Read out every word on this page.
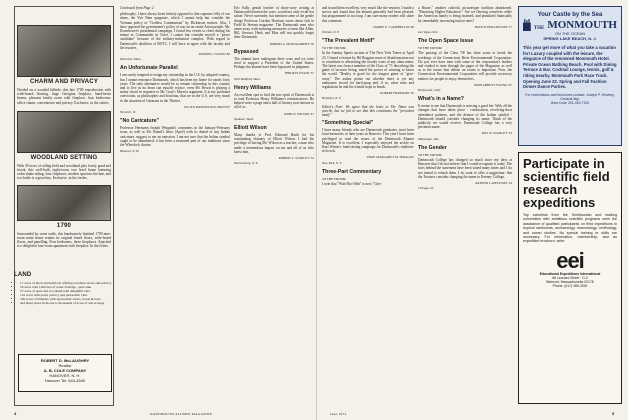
CHARM AND PRIVACY
Nestled on a wooded hillside, this late 1700 reproduction with wide-board flooring, huge Georgian fireplace, hand-hewn beams, pleasant family room with fireplace, four bedrooms, office charm, convenience and privacy. Exclusive, in the sixties.
WOODLAND SETTING
With 39 acres of rolling field and woodland plus lovely pond and brook, this well-built, eight-room, two level home featuring cedar shake siding, four fireplaces, modern spacious kitchen, and two baths is a great buy. Exclusive, in the forties.
1790
Surrounded by stone walls, this handsomely finished 1790 nine-room main house retains its original board floors, wide-board floors, and panelling. Four bedrooms, three fireplaces. Attached is a delightful four-room apartment with fireplace. In the fifties.
LAND
• 17 acres of birch and hemlock offering excellent views and privacy
• 50 acres with 1400 feet of water frontage - pure lake
• 37 acres of open and woodland with delightful view
• 122 acres with pond, privacy and panoramic view
• 350 acres of hillsides with spectacular views, brook & barn
• and many more from one to thousands of acres of cell acreage
ROBERT D. McLAUGHRY
Realtor
A. B. COLE COMPANY
HANOVER, N. H.
Hanover Tel. 643-4540
Continued from Page 2
philosophy, I have always been bitterly opposed to that supreme folly of our times, the Viet Nam quagmire, which I cannot help but consider the Vietnam policy of "Godless Communism" by Dickinson traitors. Also, I have opposed the government's policy of war on an entire Asian people. Mr. Eisenhower's presidential campaign, I found few events to cheer during his tenure as Commander in Chief. I cannot but consider myself a "peace candidate" because of the military-industrial complex. With regard to Dartmouth's abolition of ROTC, I will have to agree with the faculty and the trustees.
JOSEPH G. NASON '82
Worcester, Mass.
An Unfortunate Parallel
I am sorely tempted to resign my citizenship in the U.S. by adopted country, but I cannot renounce Dartmouth, which has been my home for nearly forty years. The only alternative would be to remain citizenship in this country and to live as no heart can equally rejoice, even Mr. Beard is playing a minor chord in response to Mr. Gray's Marxist argument. It is my profound conviction, as philosopher and historian, that we in the U.S. are very much in the situation of Germans in the Thirties.
EUGEN ROSENSTOCK-HUESSY
Norwich, Vt.
"No Caricature"
Professor Hermann Joseph Weigand's comments in the January-February issue, as well as Mr. Brantl's letter (April) with its denial of any Indian caricature, suggest to me an omission. I am not sure that the Indian symbol ought to be abandoned; it has been a treasured part of our traditions since the Wheelock charter.
Hanover, N. H.
Eric Kalb, genial teacher of short-story writing at Dartmouth between the wars, would not only recall but salute. Never surrender, but mention some of the gentle things Professor Gordon Harrison wrote about fish in Field & Stream magazine. The Dartmouth men who came away with enduring memories of men like Allen, Bill, Stewart, Herb, and Max will not quickly forget their Dartmouth.
ROBERT A. MONTGOMERY '30
Bypassed
The alumni have undergone three wars and we were tired to support a President of the United States. Perhaps the alumni have been bypassed in judgment.
PHILIP H. EVANS '37
West Medford, Mass.
Henry Williams
An excellent spot to find the true spirit of Dartmouth is to read Professor Henry Williams's reminiscences. He helped write a page and a half of history now known to all of us.
JOHN W. WILSON '47
Spokane, Wash.
Elliott Wilson
Many thanks to Prof. Edmund Barth for his outstanding obituary of Elliott Wilson. I had the privilege of having Mr. Wilson as a teacher, a man who made a tremendous impact on me and all of us who knew him.
ROBERT L. STANLEY '52
Warrensburg, N. Y.
4	DARTMOUTH ALUMNI MAGAZINE
and found them excellent, very much like the reunion. I made a survey and found that the alumni generally had been pleased, but programmed in too long. I am sure many readers will share this comment.
HARRY E. CAMPBELL III '48
Pelham, N. Y.
"The Prevalent Motif"
TO THE EDITOR:
In the Sunday Sports section of The New York Times of April 23, I found a feature by Bil Boggins more of disinformation not to contribute to alleviating the moody woes of any alma mater. The latest was from a member of the Class of '71 describing the game of lacrosse being, noted the power of winning to know the world. "Reality is good for the longest game of "give-away." The author points out whether there is yet any endurance record for hard-pong and, if so, what rules and regulations he and his friends hope to break.
ROBERT HERMANN '50
Brooklyn, N. Y.
Editor's Note: We agree that the letter to The Times was puerile, but we fail to see that this constitutes the "prevalent motif."
"Something Special"
I have many friends who are Dartmouth graduates, most have fond memories of their years in Hanover. This year I have been privileged to read the issues of the Dartmouth Alumni Magazine. It is excellent. I especially enjoyed the article on Kurt Wimer's fund-raising campaign for Dartmouth's tradition-rich rock.
PROF. MARGARET M. SPRAGUE
New York, N. Y.
Three-Part Commentary
TO THE EDITOR:
I note that "Wah Hoo Wah" is now "Give
a Rouse," another colorful, picturesque tradition abandoned. "Financing Higher Education": Are we fleecing ourselves while the American family is being strained, and penalized financially by remarkably increasing tuition rates?
FRED B. HOLLINSTON '17
Las Vegas, Nev.
The Open Space Issue
TO THE EDITOR:
The passing of the Class '58 has done some to break the workings of the Connecticut River Environmental Corporation. Do you ever have men with some of the corporation's leaders and studied to state through the pages of the Magazine, as well as to the issues that debate on issues is important. Now, the Connecticut Environmental Corporation will provide accessory matters for people to enjoy themselves.
JOHN ABBOTT YOUNG '67
Hollywood, Calif.
What's in a Name?
It seems to me that Dartmouth is missing a good bet. With all the changes that have taken place - coeducation, revolving-door attendance patterns, and the demise of the Indian symbol - Dartmouth should consider changing its name. Think of the publicity we would receive. Dartmouth College has a very pertinent name.
ROY W. STANLEY '53
Milwaukee, Wis.
The Gender
TO THE EDITOR:
Dartmouth College has changed so much since my days at Hanover that I do not believe that I would recognize it today. The facts behind the statement have been stated many times and I do not intend to rehash them. I do want to offer a suggestion: that the Trustees consider changing the name to Keeney College.
ARTHUR I. APPLETON '54
Chicago, Ill.
June 1972	5
Your Castle by the Sea
THE MONMOUTH
ON THE OCEAN
SPRING LAKE BEACH, N. J.
This year get more of what you take a vacation for! Luxury coupled with the leisure, the elegance of the renowned Monmouth Hotel. Private Ocean Bathing Beach. Pool with Dining Terrace & Bar. Cocktail Lounge, tennis, golf & riding nearby. Monmouth Park Race Track. Opening June 23. Spring and Fall Fashion Dinner Dance Parties.
For reservations and brochures contact: Joseph P. Hinchey, General Mgr.
Area Code 201-449-7100
Participate in scientific field research expeditions
Top scientists from the Smithsonian and leading universities with ambitious scientific programs seek the assistance of qualified participants on field expeditions in tropical rainforests, archaeology, mammalogy, ornithology, and ocean studies. No special training or skills are necessary. For information, membership, and an expedition brochure, write:
eei
Educational Expeditions International
68 Leonard Street · D-2
Belmont, Massachusetts 02178
Phone: (617) 489-3030
